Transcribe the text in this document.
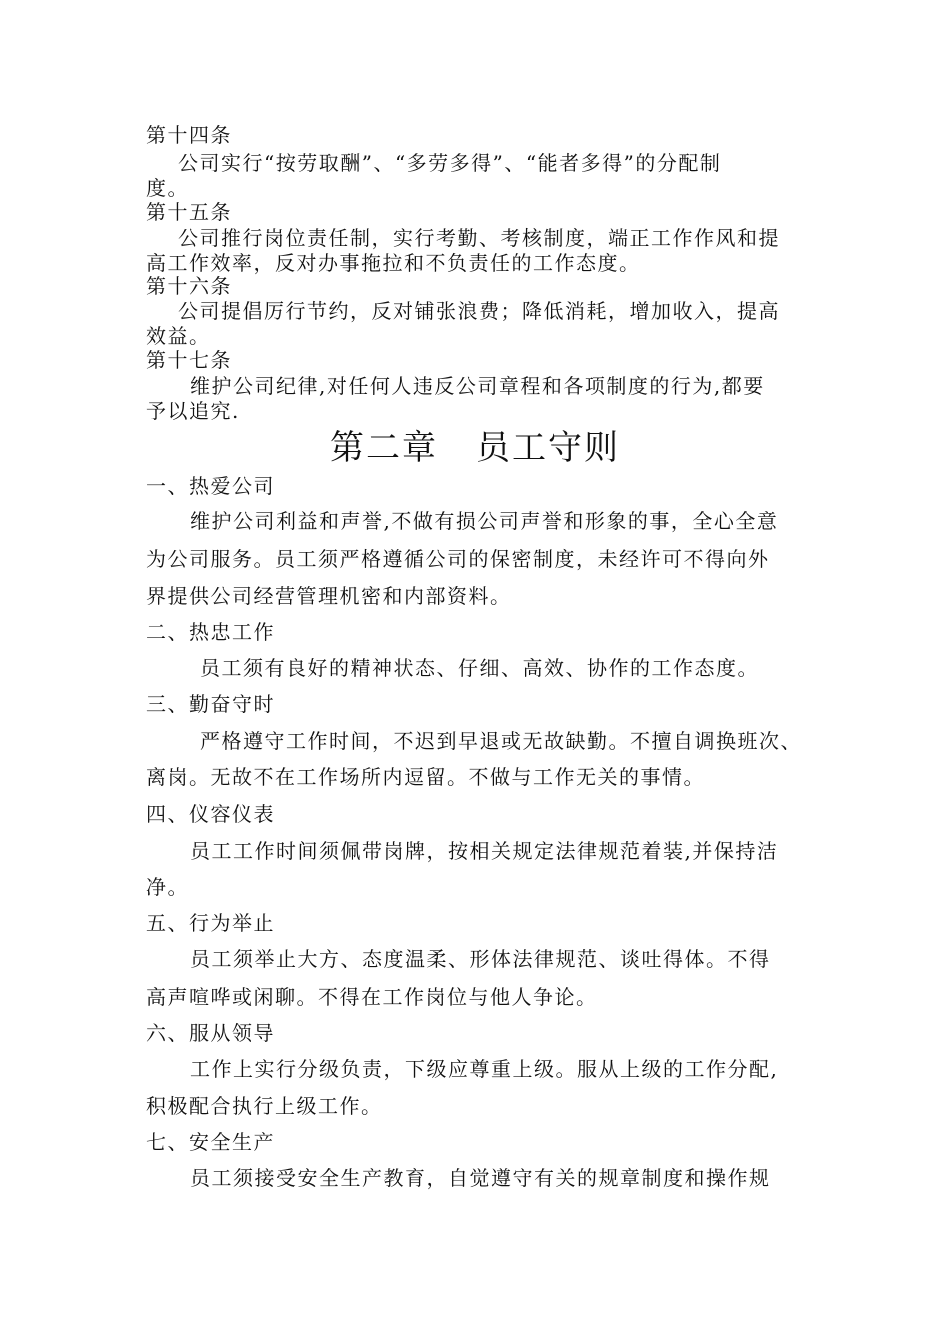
第十四条
公司实行“按劳取酬”、“多劳多得”、“能者多得”的分配制
度。
第十五条
公司推行岗位责任制，实行考勤、考核制度，端正工作作风和提
高工作效率，反对办事拖拉和不负责任的工作态度。
第十六条
公司提倡厉行节约，反对铺张浪费；降低消耗，增加收入，提高
效益。
第十七条
维护公司纪律,对任何人违反公司章程和各项制度的行为,都要
予以追究.
第二章 员工守则
一、热爱公司
维护公司利益和声誉,不做有损公司声誉和形象的事，全心全意
为公司服务。员工须严格遵循公司的保密制度，未经许可不得向外
界提供公司经营管理机密和内部资料。
二、热忠工作
员工须有良好的精神状态、仔细、高效、协作的工作态度。
三、勤奋守时
严格遵守工作时间，不迟到早退或无故缺勤。不擅自调换班次、
离岗。无故不在工作场所内逗留。不做与工作无关的事情。
四、仪容仪表
员工工作时间须佩带岗牌，按相关规定法律规范着装,并保持洁
净。
五、行为举止
员工须举止大方、态度温柔、形体法律规范、谈吐得体。不得
高声喧哗或闲聊。不得在工作岗位与他人争论。
六、服从领导
工作上实行分级负责，下级应尊重上级。服从上级的工作分配,
积极配合执行上级工作。
七、安全生产
员工须接受安全生产教育，自觉遵守有关的规章制度和操作规
